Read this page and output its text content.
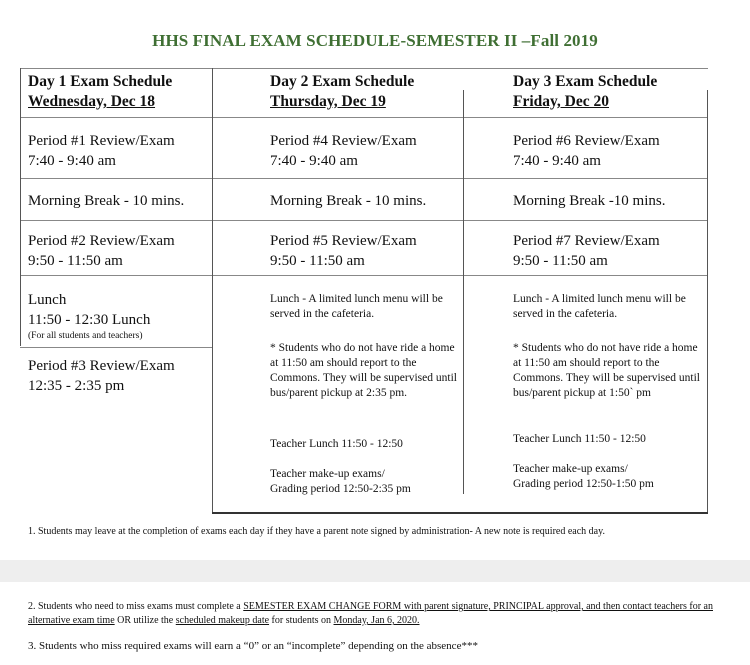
HHS FINAL EXAM SCHEDULE-SEMESTER II –Fall 2019
Day 1 Exam Schedule
Wednesday, Dec 18
Period #1 Review/Exam
7:40 - 9:40 am
Morning Break - 10 mins.
Period #2 Review/Exam
9:50 - 11:50 am
Lunch
11:50 - 12:30 Lunch
(For all students and teachers)
Period #3 Review/Exam
12:35 - 2:35 pm
Day 2 Exam Schedule
Thursday, Dec 19
Period #4 Review/Exam
7:40 - 9:40 am
Morning Break - 10 mins.
Period #5 Review/Exam
9:50 - 11:50 am
Lunch - A limited lunch menu will be
served in the cafeteria.
* Students who do not have ride a home
at 11:50 am should report to the
Commons. They will be supervised until
bus/parent pickup at 2:35 pm.
Teacher Lunch 11:50 - 12:50
Teacher make-up exams/
Grading period 12:50-2:35 pm
Day 3 Exam Schedule
Friday, Dec 20
Period #6 Review/Exam
7:40 - 9:40 am
Morning Break -10 mins.
Period #7 Review/Exam
9:50 - 11:50 am
Lunch - A limited lunch menu will be
served in the cafeteria.
* Students who do not have ride a home
at 11:50 am should report to the
Commons. They will be supervised until
bus/parent pickup at 1:50` pm
Teacher Lunch 11:50 - 12:50
Teacher make-up exams/
Grading period 12:50-1:50 pm
1. Students may leave at the completion of exams each day if they have a parent note signed by administration- A new note is required each day.
2. Students who need to miss exams must complete a SEMESTER EXAM CHANGE FORM with parent signature, PRINCIPAL approval, and then contact teachers for an alternative exam time OR utilize the scheduled makeup date for students on Monday, Jan 6, 2020.
3. Students who miss required exams will earn a “0” or an “incomplete” depending on the absence***
